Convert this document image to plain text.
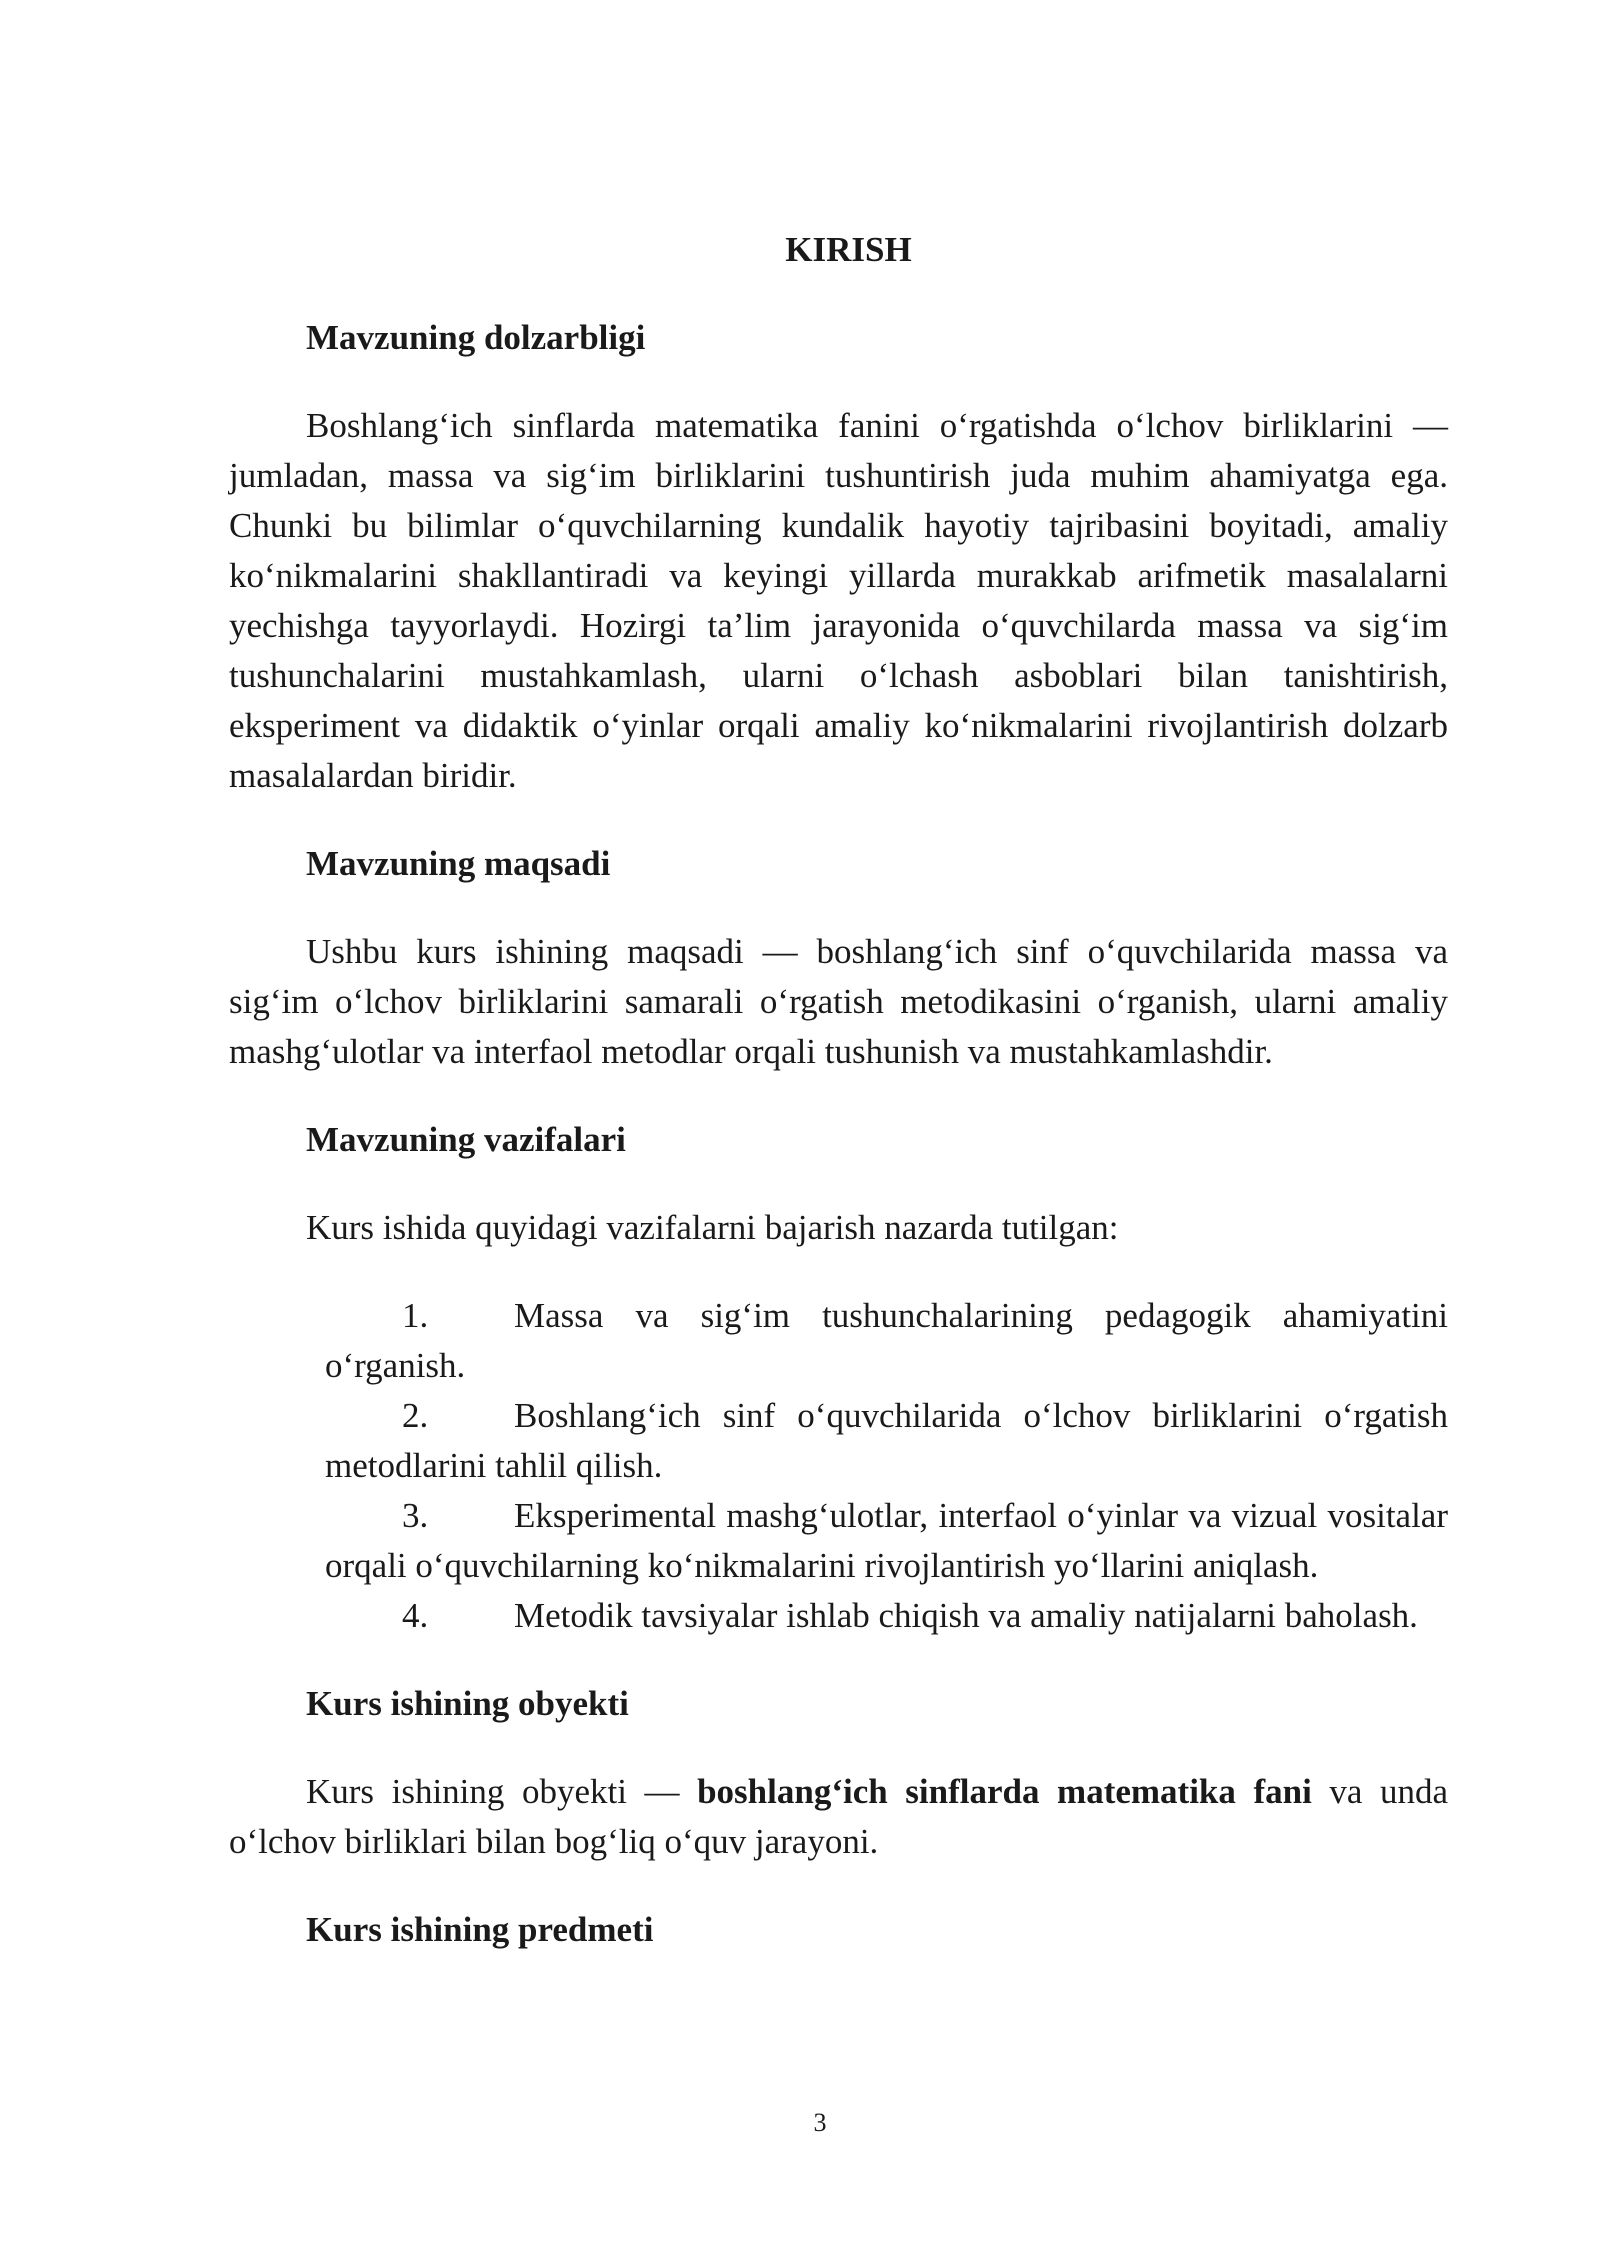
KIRISH
Mavzuning dolzarbligi

Boshlang‘ich sinflarda matematika fanini o‘rgatishda o‘lchov birliklarini — jumladan, massa va sig‘im birliklarini tushuntirish juda muhim ahamiyatga ega. Chunki bu bilimlar o‘quvchilarning kundalik hayotiy tajribasini boyitadi, amaliy ko‘nikmalarini shakllantiradi va keyingi yillarda murakkab arifmetik masalalarni yechishga tayyorlaydi. Hozirgi ta’lim jarayonida o‘quvchilarda massa va sig‘im tushunchalarini mustahkamlash, ularni o‘lchash asboblari bilan tanishtirish, eksperiment va didaktik o‘yinlar orqali amaliy ko‘nikmalarini rivojlantirish dolzarb masalalardan biridir.

Mavzuning maqsadi

Ushbu kurs ishining maqsadi — boshlang‘ich sinf o‘quvchilarida massa va sig‘im o‘lchov birliklarini samarali o‘rgatish metodikasini o‘rganish, ularni amaliy mashg‘ulotlar va interfaol metodlar orqali tushunish va mustahkamlashdir.

Mavzuning vazifalari

Kurs ishida quyidagi vazifalarni bajarish nazarda tutilgan:

1. Massa va sig‘im tushunchalarining pedagogik ahamiyatini o‘rganish.
2. Boshlang‘ich sinf o‘quvchilarida o‘lchov birliklarini o‘rgatish metodlarini tahlil qilish.
3. Eksperimental mashg‘ulotlar, interfaol o‘yinlar va vizual vositalar orqali o‘quvchilarning ko‘nikmalarini rivojlantirish yo‘llarini aniqlash.
4. Metodik tavsiyalar ishlab chiqish va amaliy natijalarni baholash.
Kurs ishining obyekti

Kurs ishining obyekti — boshlang‘ich sinflarda matematika fani va unda o‘lchov birliklari bilan bog‘liq o‘quv jarayoni.

Kurs ishining predmeti
3
